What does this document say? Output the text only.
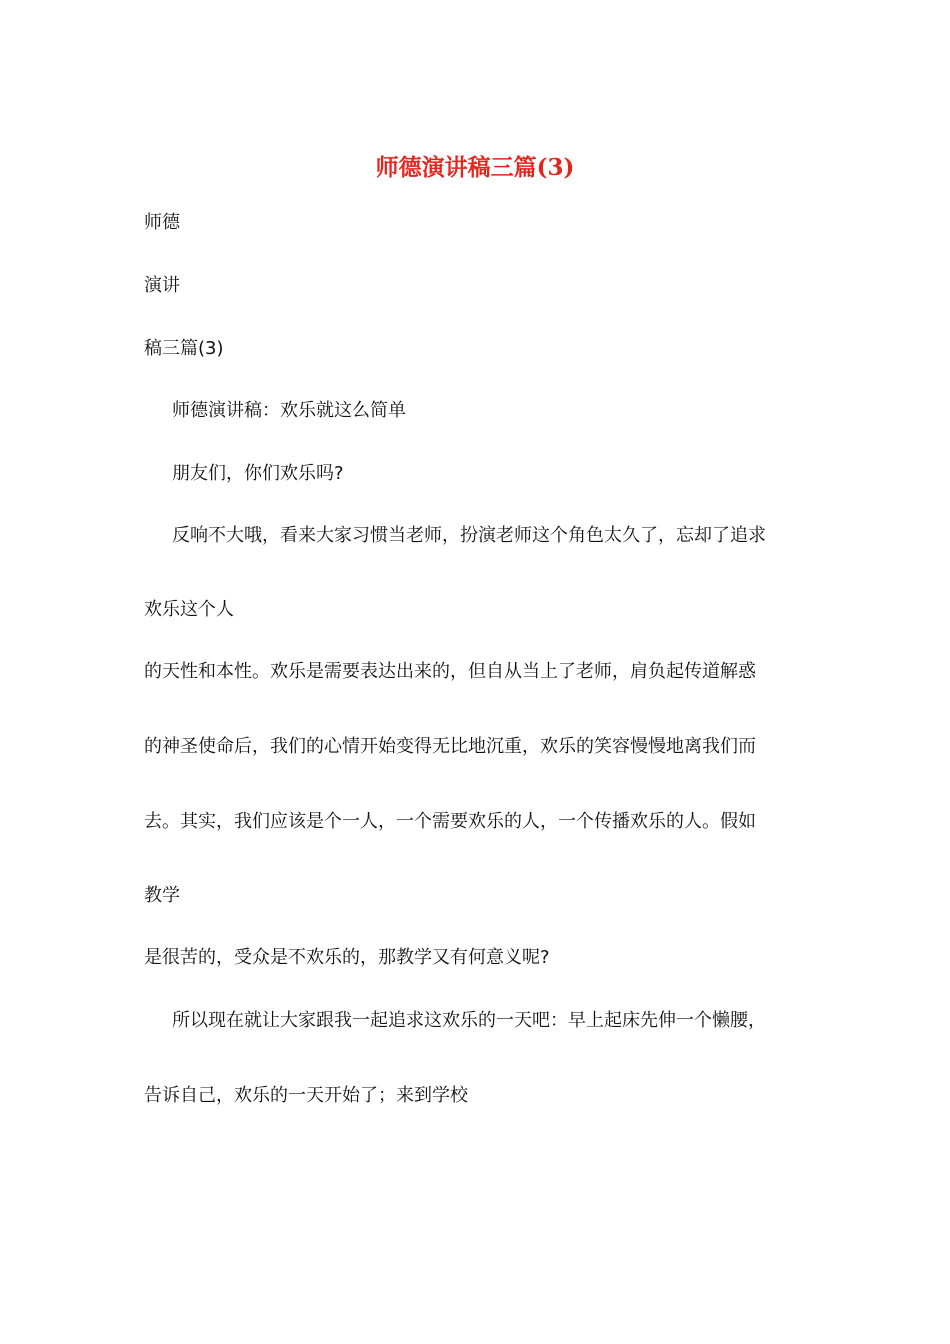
师德演讲稿三篇(3)

师德

演讲

稿三篇(3)

师德演讲稿：欢乐就这么简单

朋友们，你们欢乐吗?

反响不大哦，看来大家习惯当老师，扮演老师这个角色太久了，忘却了追求

欢乐这个人

的天性和本性。欢乐是需要表达出来的，但自从当上了老师，肩负起传道解惑

的神圣使命后，我们的心情开始变得无比地沉重，欢乐的笑容慢慢地离我们而

去。其实，我们应该是个一人，一个需要欢乐的人，一个传播欢乐的人。假如

教学

是很苦的，受众是不欢乐的，那教学又有何意义呢?

所以现在就让大家跟我一起追求这欢乐的一天吧：早上起床先伸一个懒腰，

告诉自己，欢乐的一天开始了；来到学校
